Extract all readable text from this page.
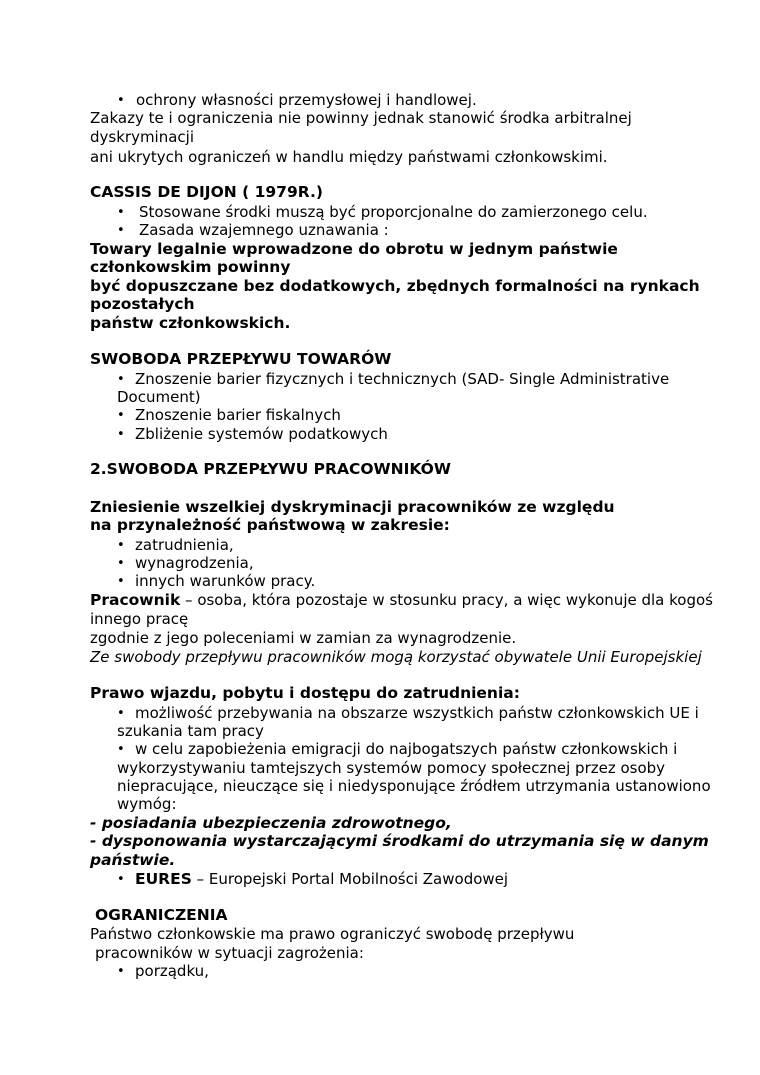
• ochrony własności przemysłowej i handlowej.
Zakazy te i ograniczenia nie powinny jednak stanowić środka arbitralnej
dyskryminacji
ani ukrytych ograniczeń w handlu między państwami członkowskimi.
CASSIS DE DIJON ( 1979R.)
• Stosowane środki muszą być proporcjonalne do zamierzonego celu.
• Zasada wzajemnego uznawania :
Towary legalnie wprowadzone do obrotu w jednym państwie
członkowskim powinny
być dopuszczane bez dodatkowych, zbędnych formalności na rynkach
pozostałych
państw członkowskich.
SWOBODA PRZEPŁYWU TOWARÓW
• Znoszenie barier fizycznych i technicznych (SAD- Single Administrative
Document)
• Znoszenie barier fiskalnych
• Zbliżenie systemów podatkowych
2.SWOBODA PRZEPŁYWU PRACOWNIKÓW
Zniesienie wszelkiej dyskryminacji pracowników ze względu
na przynależność państwową w zakresie:
• zatrudnienia,
• wynagrodzenia,
• innych warunków pracy.
Pracownik – osoba, która pozostaje w stosunku pracy, a więc wykonuje dla kogoś
innego pracę
zgodnie z jego poleceniami w zamian za wynagrodzenie.
Ze swobody przepływu pracowników mogą korzystać obywatele Unii Europejskiej
Prawo wjazdu, pobytu i dostępu do zatrudnienia:
• możliwość przebywania na obszarze wszystkich państw członkowskich UE i
szukania tam pracy
• w celu zapobieżenia emigracji do najbogatszych państw członkowskich i
wykorzystywaniu tamtejszych systemów pomocy społecznej przez osoby
niepracujące, nieuczące się i niedysponujące źródłem utrzymania ustanowiono
wymóg:
- posiadania ubezpieczenia zdrowotnego,
- dysponowania wystarczającymi środkami do utrzymania się w danym
państwie.
• EURES – Europejski Portal Mobilności Zawodowej
OGRANICZENIA
Państwo członkowskie ma prawo ograniczyć swobodę przepływu
pracowników w sytuacji zagrożenia:
• porządku,
